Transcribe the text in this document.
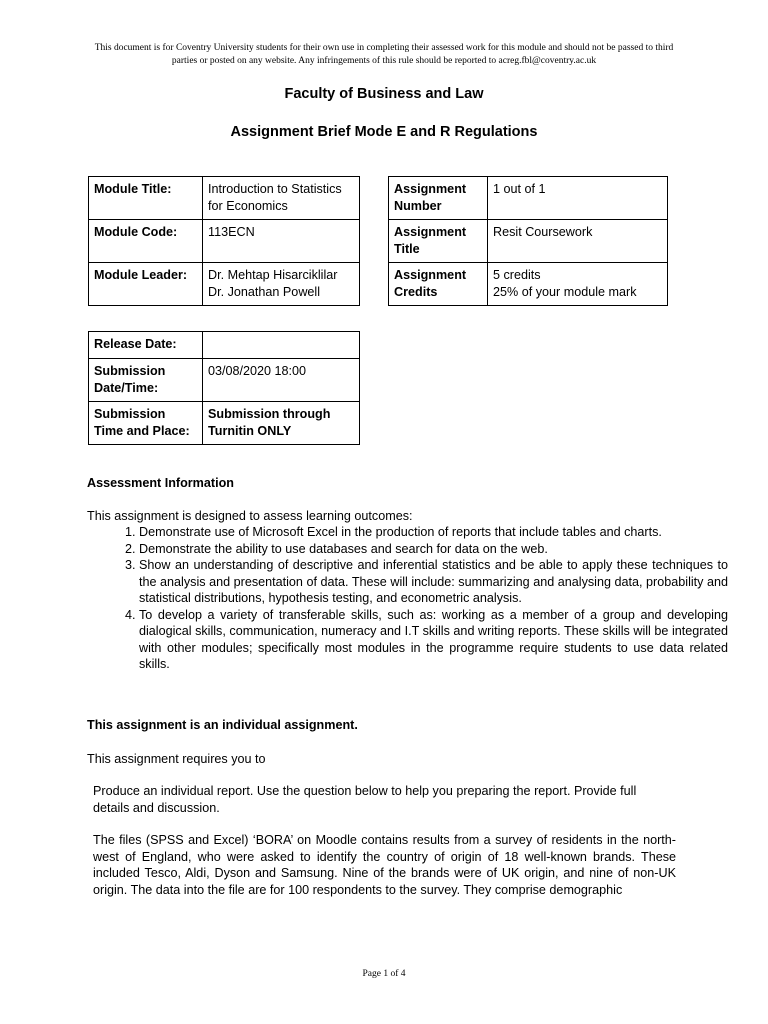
This document is for Coventry University students for their own use in completing their assessed work for this module and should not be passed to third parties or posted on any website. Any infringements of this rule should be reported to acreg.fbl@coventry.ac.uk
Faculty of Business and Law
Assignment Brief Mode E and R Regulations
Module Title:	Introduction to Statistics for Economics
Module Code:	113ECN
Module Leader:	Dr. Mehtap Hisarciklilar
Dr. Jonathan Powell
Assignment Number	1 out of 1
Assignment Title	Resit Coursework
Assignment Credits	5 credits
25% of your module mark
Release Date:	
Submission Date/Time:	03/08/2020 18:00
Submission Time and Place:	Submission through Turnitin ONLY
Assessment Information
This assignment is designed to assess learning outcomes:
1. Demonstrate use of Microsoft Excel in the production of reports that include tables and charts.
2. Demonstrate the ability to use databases and search for data on the web.
3. Show an understanding of descriptive and inferential statistics and be able to apply these techniques to the analysis and presentation of data. These will include: summarizing and analysing data, probability and statistical distributions, hypothesis testing, and econometric analysis.
4. To develop a variety of transferable skills, such as: working as a member of a group and developing dialogical skills, communication, numeracy and I.T skills and writing reports. These skills will be integrated with other modules; specifically most modules in the programme require students to use data related skills.
This assignment is an individual assignment.
This assignment requires you to
Produce an individual report. Use the question below to help you preparing the report. Provide full details and discussion.
The files (SPSS and Excel) ‘BORA’ on Moodle contains results from a survey of residents in the north-west of England, who were asked to identify the country of origin of 18 well-known brands. These included Tesco, Aldi, Dyson and Samsung. Nine of the brands were of UK origin, and nine of non-UK origin. The data into the file are for 100 respondents to the survey. They comprise demographic
Page 1 of 4
